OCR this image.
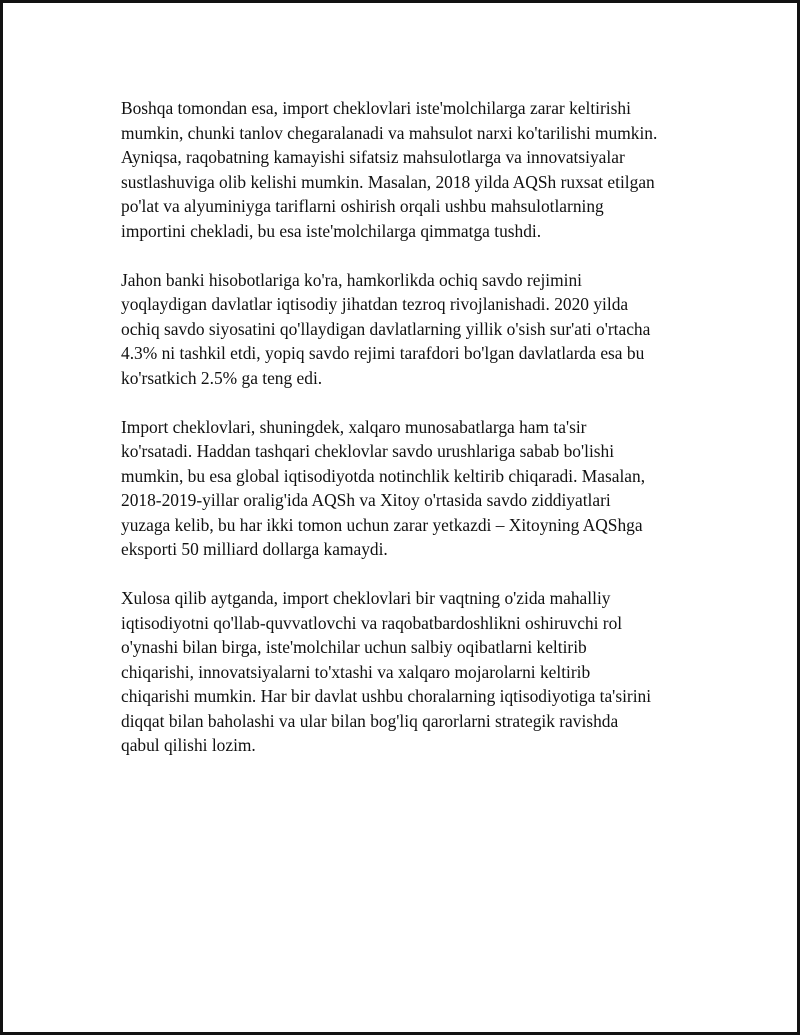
Boshqa tomondan esa, import cheklovlari iste'molchilarga zarar keltirishi
mumkin, chunki tanlov chegaralanadi va mahsulot narxi ko'tarilishi mumkin.
Ayniqsa, raqobatning kamayishi sifatsiz mahsulotlarga va innovatsiyalar
sustlashuviga olib kelishi mumkin. Masalan, 2018 yilda AQSh ruxsat etilgan
po'lat va alyuminiyga tariflarni oshirish orqali ushbu mahsulotlarning
importini chekladi, bu esa iste'molchilarga qimmatga tushdi.

Jahon banki hisobotlariga ko'ra, hamkorlikda ochiq savdo rejimini
yoqlaydigan davlatlar iqtisodiy jihatdan tezroq rivojlanishadi. 2020 yilda
ochiq savdo siyosatini qo'llaydigan davlatlarning yillik o'sish sur'ati o'rtacha
4.3% ni tashkil etdi, yopiq savdo rejimi tarafdori bo'lgan davlatlarda esa bu
ko'rsatkich 2.5% ga teng edi.

Import cheklovlari, shuningdek, xalqaro munosabatlarga ham ta'sir
ko'rsatadi. Haddan tashqari cheklovlar savdo urushlariga sabab bo'lishi
mumkin, bu esa global iqtisodiyotda notinchlik keltirib chiqaradi. Masalan,
2018-2019-yillar oralig'ida AQSh va Xitoy o'rtasida savdo ziddiyatlari
yuzaga kelib, bu har ikki tomon uchun zarar yetkazdi – Xitoyning AQShga
eksporti 50 milliard dollarga kamaydi.

Xulosa qilib aytganda, import cheklovlari bir vaqtning o'zida mahalliy
iqtisodiyotni qo'llab-quvvatlovchi va raqobatbardoshlikni oshiruvchi rol
o'ynashi bilan birga, iste'molchilar uchun salbiy oqibatlarni keltirib
chiqarishi, innovatsiyalarni to'xtashi va xalqaro mojarolarni keltirib
chiqarishi mumkin. Har bir davlat ushbu choralarning iqtisodiyotiga ta'sirini
diqqat bilan baholashi va ular bilan bog'liq qarorlarni strategik ravishda
qabul qilishi lozim.
